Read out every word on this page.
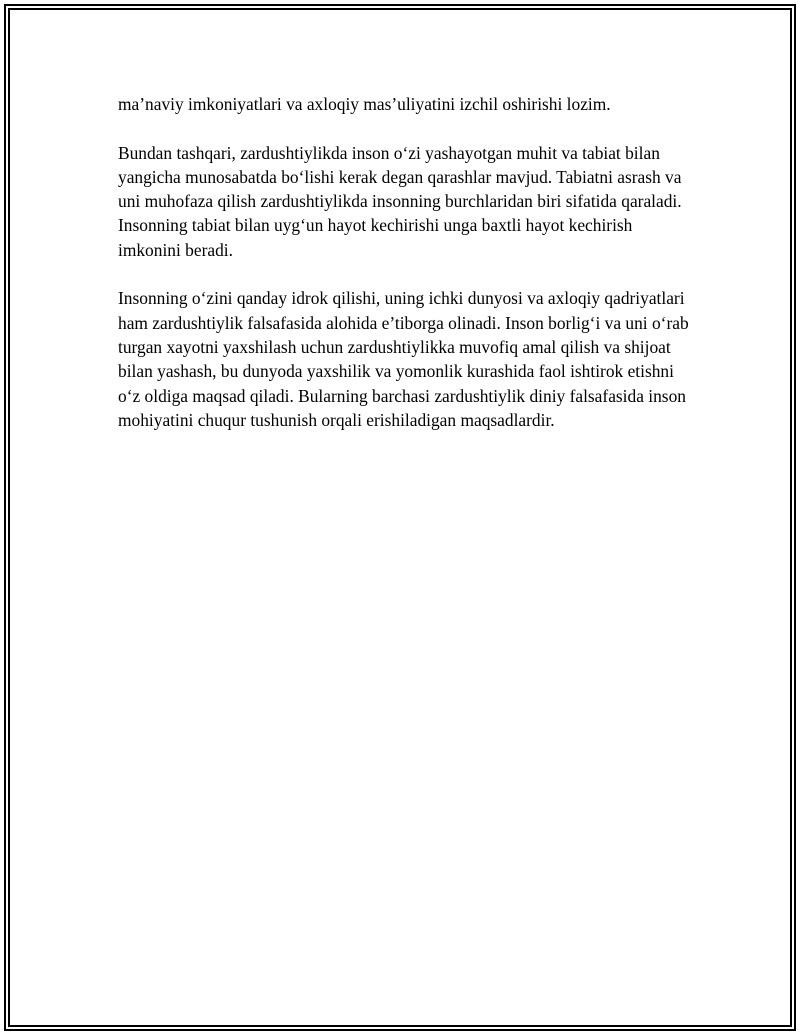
ma’naviy imkoniyatlari va axloqiy mas’uliyatini izchil oshirishi lozim.

Bundan tashqari, zardushtiylikda inson o‘zi yashayotgan muhit va tabiat bilan yangicha munosabatda bo‘lishi kerak degan qarashlar mavjud. Tabiatni asrash va uni muhofaza qilish zardushtiylikda insonning burchlaridan biri sifatida qaraladi. Insonning tabiat bilan uyg‘un hayot kechirishi unga baxtli hayot kechirish imkonini beradi.

Insonning o‘zini qanday idrok qilishi, uning ichki dunyosi va axloqiy qadriyatlari ham zardushtiylik falsafasida alohida e’tiborga olinadi. Inson borlig‘i va uni o‘rab turgan xayotni yaxshilash uchun zardushtiylikka muvofiq amal qilish va shijoat bilan yashash, bu dunyoda yaxshilik va yomonlik kurashida faol ishtirok etishni o‘z oldiga maqsad qiladi. Bularning barchasi zardushtiylik diniy falsafasida inson mohiyatini chuqur tushunish orqali erishiladigan maqsadlardir.
